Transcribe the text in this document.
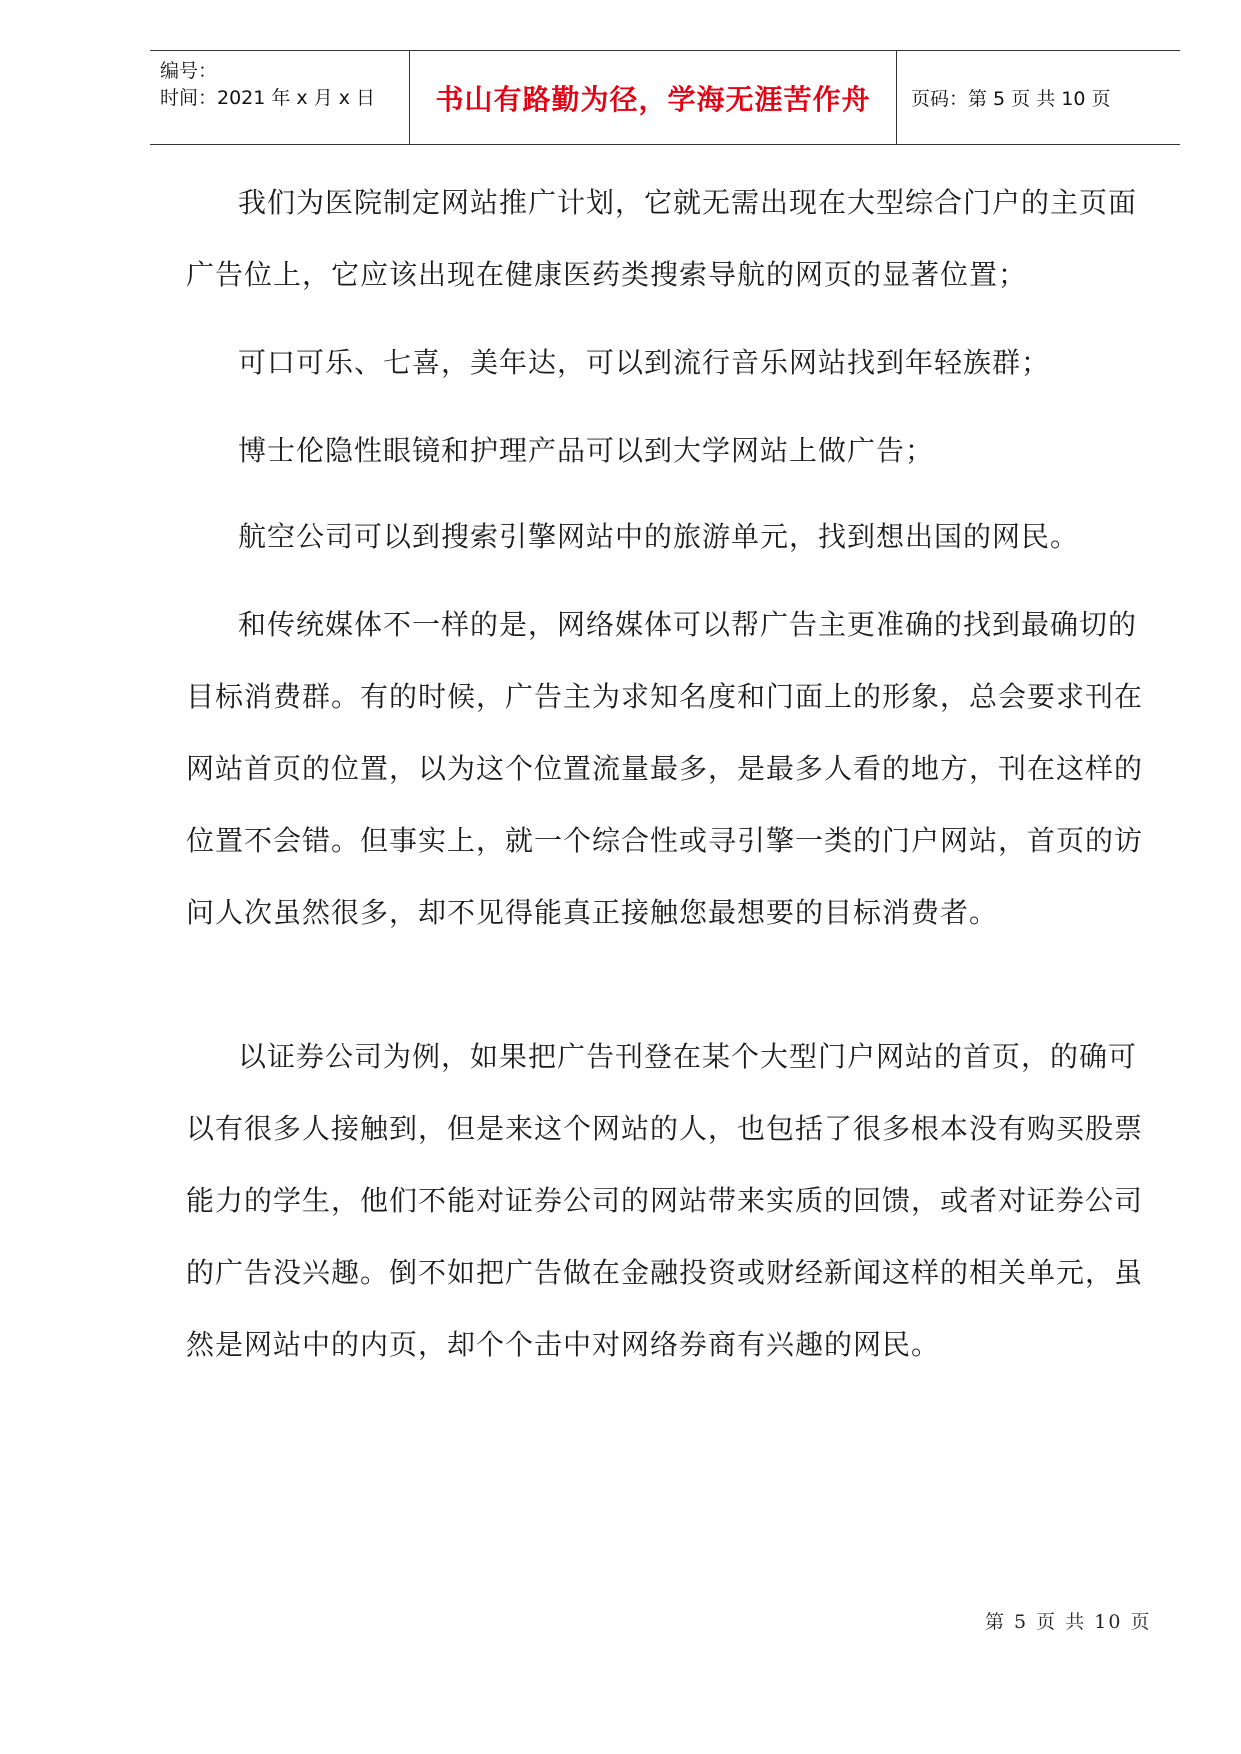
编号：
时间：2021 年 x 月 x 日	书山有路勤为径，学海无涯苦作舟	页码：第 5 页 共 10 页

我们为医院制定网站推广计划，它就无需出现在大型综合门户的主页面广告位上，它应该出现在健康医药类搜索导航的网页的显著位置；

可口可乐、七喜，美年达，可以到流行音乐网站找到年轻族群；

博士伦隐性眼镜和护理产品可以到大学网站上做广告；

航空公司可以到搜索引擎网站中的旅游单元，找到想出国的网民。

和传统媒体不一样的是，网络媒体可以帮广告主更准确的找到最确切的目标消费群。有的时候，广告主为求知名度和门面上的形象，总会要求刊在网站首页的位置，以为这个位置流量最多，是最多人看的地方，刊在这样的位置不会错。但事实上，就一个综合性或寻引擎一类的门户网站，首页的访问人次虽然很多，却不见得能真正接触您最想要的目标消费者。

以证券公司为例，如果把广告刊登在某个大型门户网站的首页，的确可以有很多人接触到，但是来这个网站的人，也包括了很多根本没有购买股票能力的学生，他们不能对证券公司的网站带来实质的回馈，或者对证券公司的广告没兴趣。倒不如把广告做在金融投资或财经新闻这样的相关单元，虽然是网站中的内页，却个个击中对网络券商有兴趣的网民。

第 5 页 共 10 页
